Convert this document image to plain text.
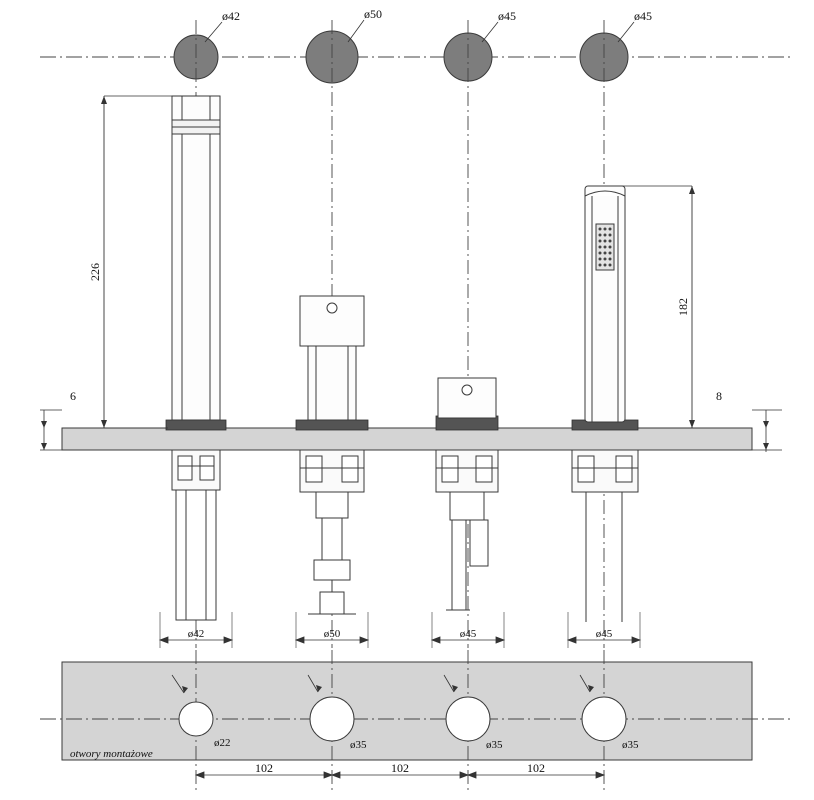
ø42	ø50	ø45	ø45
226
182
6	8
ø42	ø50	ø45	ø45
ø22	ø35	ø35	ø35
otwory montażowe
102	102	102
